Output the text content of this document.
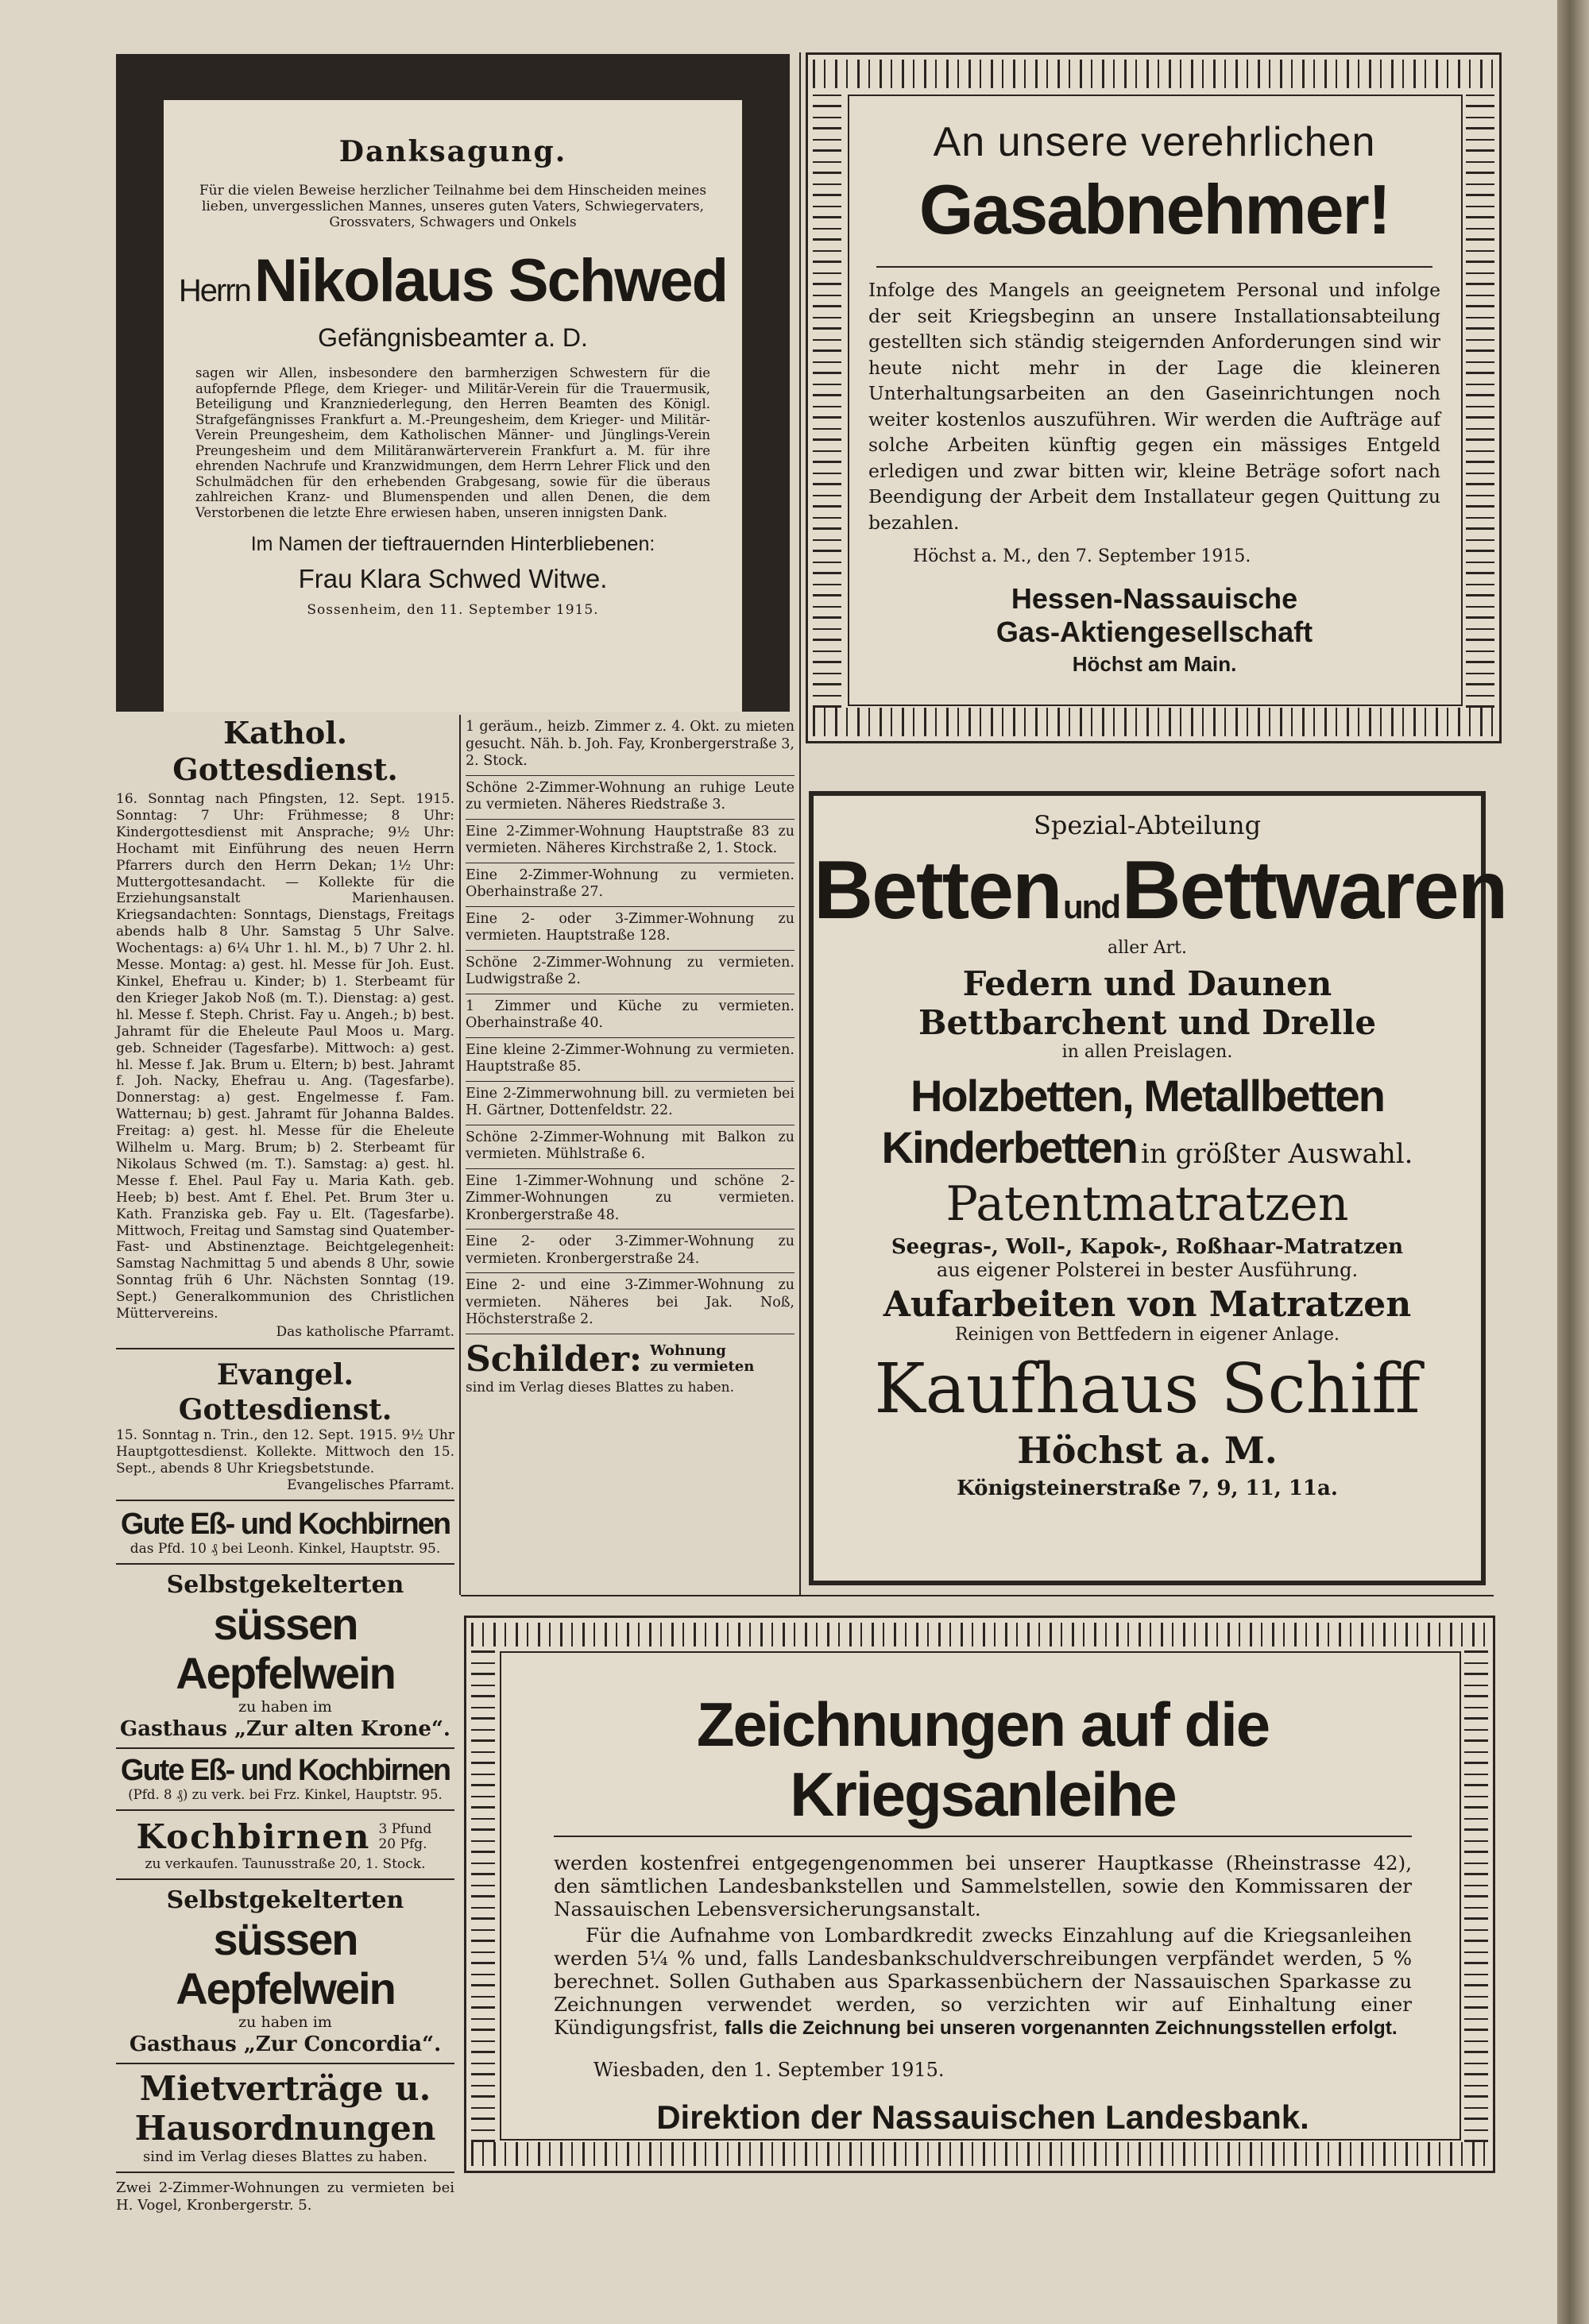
Danksagung.

Für die vielen Beweise herzlicher Teilnahme bei dem Hinscheiden meines lieben, unvergesslichen Mannes, unseres guten Vaters, Schwiegervaters, Grossvaters, Schwagers und Onkels

Herrn Nikolaus Schwed
Gefängnisbeamter a. D.

sagen wir Allen, insbesondere den barmherzigen Schwestern für die aufopfernde Pflege, dem Krieger- und Militär-Verein für die Trauermusik, Beteiligung und Kranzniederlegung, den Herren Beamten des Königl. Strafgefängnisses Frankfurt a. M.-Preungesheim, dem Krieger- und Militär-Verein Preungesheim, dem Katholischen Männer- und Jünglings-Verein Preungesheim und dem Militäranwärterverein Frankfurt a. M. für ihre ehrenden Nachrufe und Kranzwidmungen, dem Herrn Lehrer Flick und den Schulmädchen für den erhebenden Grabgesang, sowie für die überaus zahlreichen Kranz- und Blumenspenden und allen Denen, die dem Verstorbenen die letzte Ehre erwiesen haben, unseren innigsten Dank.

Im Namen der tieftrauernden Hinterbliebenen:
Frau Klara Schwed Witwe.
Sossenheim, den 11. September 1915.
An unsere verehrlichen
Gasabnehmer!

Infolge des Mangels an geeignetem Personal und infolge der seit Kriegsbeginn an unsere Installationsabteilung gestellten sich ständig steigernden Anforderungen sind wir heute nicht mehr in der Lage die kleineren Unterhaltungsarbeiten an den Gaseinrichtungen noch weiter kostenlos auszuführen. Wir werden die Aufträge auf solche Arbeiten künftig gegen ein mässiges Entgeld erledigen und zwar bitten wir, kleine Beträge sofort nach Beendigung der Arbeit dem Installateur gegen Quittung zu bezahlen.

Höchst a. M., den 7. September 1915.
Hessen-Nassauische
Gas-Aktiengesellschaft
Höchst am Main.
Kathol. Gottesdienst.

16. Sonntag nach Pfingsten, 12. Sept. 1915. Sonntag: 7 Uhr: Frühmesse; 8 Uhr: Kindergottesdienst mit Ansprache; 9½ Uhr: Hochamt mit Einführung des neuen Herrn Pfarrers durch den Herrn Dekan; 1½ Uhr: Muttergottesandacht. — Kollekte für die Erziehungsanstalt Marienhausen. Kriegsandachten: Sonntags, Dienstags, Freitags abends halb 8 Uhr. Samstag 5 Uhr Salve. Wochentags: a) 6¼ Uhr 1. hl. M., b) 7 Uhr 2. hl. Messe. Montag: a) gest. hl. Messe für Joh. Eust. Kinkel, Ehefrau u. Kinder; b) 1. Sterbeamt für den Krieger Jakob Noß (m. T.). Dienstag: a) gest. hl. Messe f. Steph. Christ. Fay u. Angeh.; b) best. Jahramt für die Eheleute Paul Moos u. Marg. geb. Schneider (Tagesfarbe). Mittwoch: a) gest. hl. Messe f. Jak. Brum u. Eltern; b) best. Jahramt f. Joh. Nacky, Ehefrau u. Ang. (Tagesfarbe). Donnerstag: a) gest. Engelmesse f. Fam. Watternau; b) gest. Jahramt für Johanna Baldes. Freitag: a) gest. hl. Messe für die Eheleute Wilhelm u. Marg. Brum; b) 2. Sterbeamt für Nikolaus Schwed (m. T.). Samstag: a) gest. hl. Messe f. Ehel. Paul Fay u. Maria Kath. geb. Heeb; b) best. Amt f. Ehel. Pet. Brum 3ter u. Kath. Franziska geb. Fay u. Elt. (Tagesfarbe). Mittwoch, Freitag und Samstag sind Quatember-Fast- und Abstinenztage. Beichtgelegenheit: Samstag Nachmittag 5 und abends 8 Uhr, sowie Sonntag früh 6 Uhr. Nächsten Sonntag (19. Sept.) Generalkommunion des Christlichen Müttervereins.

Das katholische Pfarramt.
Evangel. Gottesdienst.

15. Sonntag n. Trin., den 12. Sept. 1915. 9½ Uhr Hauptgottesdienst. Kollekte. Mittwoch den 15. Sept., abends 8 Uhr Kriegsbetstunde.

Evangelisches Pfarramt.
Gute Eß- und Kochbirnen
das Pfd. 10 ₰ bei Leonh. Kinkel, Hauptstr. 95.
Selbstgekelterten
süssen Aepfelwein
zu haben im
Gasthaus „Zur alten Krone“.
Gute Eß- und Kochbirnen
(Pfd. 8 ₰) zu verk. bei Frz. Kinkel, Hauptstr. 95.
Kochbirnen 3 Pfund 20 Pfg.
zu verkaufen. Taunusstraße 20, 1. Stock.
Selbstgekelterten
süssen Aepfelwein
zu haben im
Gasthaus „Zur Concordia“.
Mietverträge u.
Hausordnungen
sind im Verlag dieses Blattes zu haben.

Zwei 2-Zimmer-Wohnungen zu vermieten bei H. Vogel, Kronbergerstr. 5.

1 geräum., heizb. Zimmer z. 4. Okt. zu mieten gesucht. Näh. b. Joh. Fay, Kronbergerstraße 3, 2. Stock.

Schöne 2-Zimmer-Wohnung an ruhige Leute zu vermieten. Näheres Riedstraße 3.

Eine 2-Zimmer-Wohnung Hauptstraße 83 zu vermieten. Näheres Kirchstraße 2, 1. Stock.

Eine 2-Zimmer-Wohnung zu vermieten. Oberhainstraße 27.

Eine 2- oder 3-Zimmer-Wohnung zu vermieten. Hauptstraße 128.

Schöne 2-Zimmer-Wohnung zu vermieten. Ludwigstraße 2.

1 Zimmer und Küche zu vermieten. Oberhainstraße 40.

Eine kleine 2-Zimmer-Wohnung zu vermieten. Hauptstraße 85.

Eine 2-Zimmerwohnung bill. zu vermieten bei H. Gärtner, Dottenfeldstr. 22.

Schöne 2-Zimmer-Wohnung mit Balkon zu vermieten. Mühlstraße 6.

Eine 1-Zimmer-Wohnung und schöne 2-Zimmer-Wohnungen zu vermieten. Kronbergerstraße 48.

Eine 2- oder 3-Zimmer-Wohnung zu vermieten. Kronbergerstraße 24.

Eine 2- und eine 3-Zimmer-Wohnung zu vermieten. Näheres bei Jak. Noß, Höchsterstraße 2.

Schilder: Wohnung
zu vermieten
sind im Verlag dieses Blattes zu haben.
Spezial-Abteilung
Betten und Bettwaren
aller Art.
Federn und Daunen
Bettbarchent und Drelle
in allen Preislagen.
Holzbetten, Metallbetten
Kinderbetten in größter Auswahl.
Patentmatratzen
Seegras-, Woll-, Kapok-, Roßhaar-Matratzen
aus eigener Polsterei in bester Ausführung.
Aufarbeiten von Matratzen
Reinigen von Bettfedern in eigener Anlage.
Kaufhaus Schiff
Höchst a. M.
Königsteinerstraße 7, 9, 11, 11a.
Zeichnungen auf die Kriegsanleihe

werden kostenfrei entgegengenommen bei unserer Hauptkasse (Rheinstrasse 42), den sämtlichen Landesbankstellen und Sammelstellen, sowie den Kommissaren der Nassauischen Lebensversicherungsanstalt.

Für die Aufnahme von Lombardkredit zwecks Einzahlung auf die Kriegsanleihen werden 5¼ % und, falls Landesbankschuldverschreibungen verpfändet werden, 5 % berechnet. Sollen Guthaben aus Sparkassenbüchern der Nassauischen Sparkasse zu Zeichnungen verwendet werden, so verzichten wir auf Einhaltung einer Kündigungsfrist, falls die Zeichnung bei unseren vorgenannten Zeichnungsstellen erfolgt.

Wiesbaden, den 1. September 1915.
Direktion der Nassauischen Landesbank.
